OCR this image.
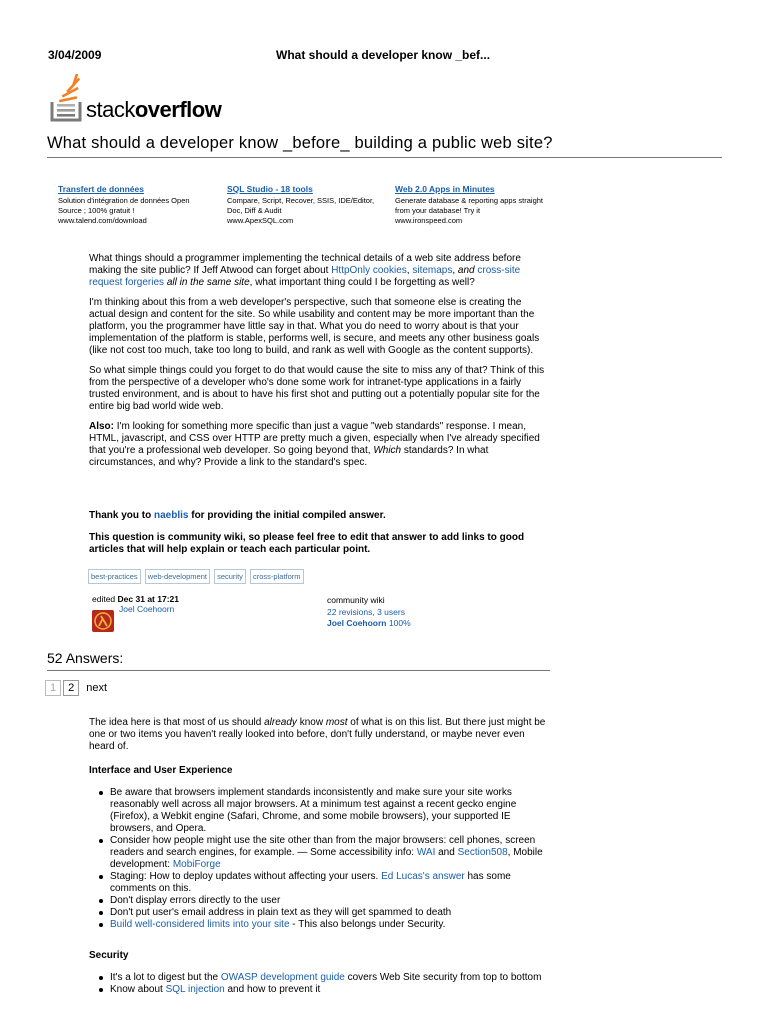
3/04/2009	What should a developer know _bef...
stackoverflow
What should a developer know _before_ building a public web site?
Transfert de données
Solution d'intégration de données Open
Source ; 100% gratuit !
www.talend.com/download
SQL Studio - 18 tools
Compare, Script, Recover, SSIS, IDE/Editor,
Doc, Diff & Audit
www.ApexSQL.com
Web 2.0 Apps in Minutes
Generate database & reporting apps straight
from your database! Try it
www.ironspeed.com

What things should a programmer implementing the technical details of a web site address before making the site public? If Jeff Atwood can forget about HttpOnly cookies, sitemaps, and cross-site request forgeries all in the same site, what important thing could I be forgetting as well?

I'm thinking about this from a web developer's perspective, such that someone else is creating the actual design and content for the site. So while usability and content may be more important than the platform, you the programmer have little say in that. What you do need to worry about is that your implementation of the platform is stable, performs well, is secure, and meets any other business goals (like not cost too much, take too long to build, and rank as well with Google as the content supports).

So what simple things could you forget to do that would cause the site to miss any of that? Think of this from the perspective of a developer who's done some work for intranet-type applications in a fairly trusted environment, and is about to have his first shot and putting out a potentially popular site for the entire big bad world wide web.

Also: I'm looking for something more specific than just a vague "web standards" response. I mean, HTML, javascript, and CSS over HTTP are pretty much a given, especially when I've already specified that you're a professional web developer. So going beyond that, Which standards? In what circumstances, and why? Provide a link to the standard's spec.

Thank you to naeblis for providing the initial compiled answer.
This question is community wiki, so please feel free to edit that answer to add links to good articles that will help explain or teach each particular point.
best-practices web-development security cross-platform
edited Dec 31 at 17:21
Joel Coehoorn
community wiki
22 revisions, 3 users
Joel Coehoorn 100%
52 Answers:
1	2	next
The idea here is that most of us should already know most of what is on this list. But there just might be one or two items you haven't really looked into before, don't fully understand, or maybe never even heard of.
Interface and User Experience
Be aware that browsers implement standards inconsistently and make sure your site works reasonably well across all major browsers. At a minimum test against a recent gecko engine (Firefox), a Webkit engine (Safari, Chrome, and some mobile browsers), your supported IE browsers, and Opera.
Consider how people might use the site other than from the major browsers: cell phones, screen readers and search engines, for example. — Some accessibility info: WAI and Section508, Mobile development: MobiForge
Staging: How to deploy updates without affecting your users. Ed Lucas's answer has some comments on this.
Don't display errors directly to the user
Don't put user's email address in plain text as they will get spammed to death
Build well-considered limits into your site - This also belongs under Security.
Security
It's a lot to digest but the OWASP development guide covers Web Site security from top to bottom
Know about SQL injection and how to prevent it
